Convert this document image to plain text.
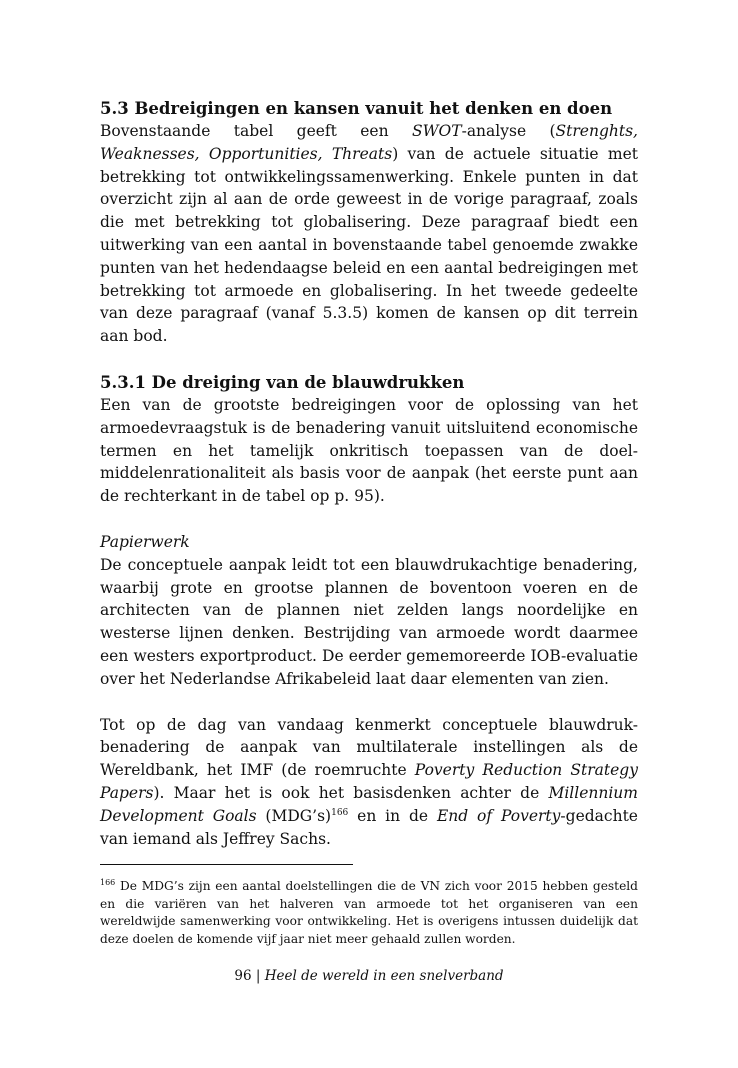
5.3 Bedreigingen en kansen vanuit het denken en doen

Bovenstaande tabel geeft een SWOT-analyse (Strenghts, Weaknesses, Opportunities, Threats) van de actuele situatie met betrekking tot ontwikkelingssamenwerking. Enkele punten in dat overzicht zijn al aan de orde geweest in de vorige paragraaf, zoals die met betrekking tot globalisering. Deze paragraaf biedt een uitwerking van een aantal in bovenstaande tabel genoemde zwakke punten van het hedendaagse beleid en een aantal bedreigingen met betrekking tot armoede en globalisering. In het tweede gedeelte van deze paragraaf (vanaf 5.3.5) komen de kansen op dit terrein aan bod.

5.3.1 De dreiging van de blauwdrukken

Een van de grootste bedreigingen voor de oplossing van het armoedevraagstuk is de benadering vanuit uitsluitend economische termen en het tamelijk onkritisch toepassen van de doel-middelenrationaliteit als basis voor de aanpak (het eerste punt aan de rechterkant in de tabel op p. 95).

Papierwerk

De conceptuele aanpak leidt tot een blauwdrukachtige benadering, waarbij grote en grootse plannen de boventoon voeren en de architecten van de plannen niet zelden langs noordelijke en westerse lijnen denken. Bestrijding van armoede wordt daarmee een westers exportproduct. De eerder gememoreerde IOB-evaluatie over het Nederlandse Afrikabeleid laat daar elementen van zien.

Tot op de dag van vandaag kenmerkt conceptuele blauwdruk-benadering de aanpak van multilaterale instellingen als de Wereldbank, het IMF (de roemruchte Poverty Reduction Strategy Papers). Maar het is ook het basisdenken achter de Millennium Development Goals (MDG’s)$^{166}$ en in de End of Poverty-gedachte van iemand als Jeffrey Sachs.

$^{166}$ De MDG’s zijn een aantal doelstellingen die de VN zich voor 2015 hebben gesteld en die variëren van het halveren van armoede tot het organiseren van een wereldwijde samenwerking voor ontwikkeling. Het is overigens intussen duidelijk dat deze doelen de komende vijf jaar niet meer gehaald zullen worden.

96 | Heel de wereld in een snelverband
